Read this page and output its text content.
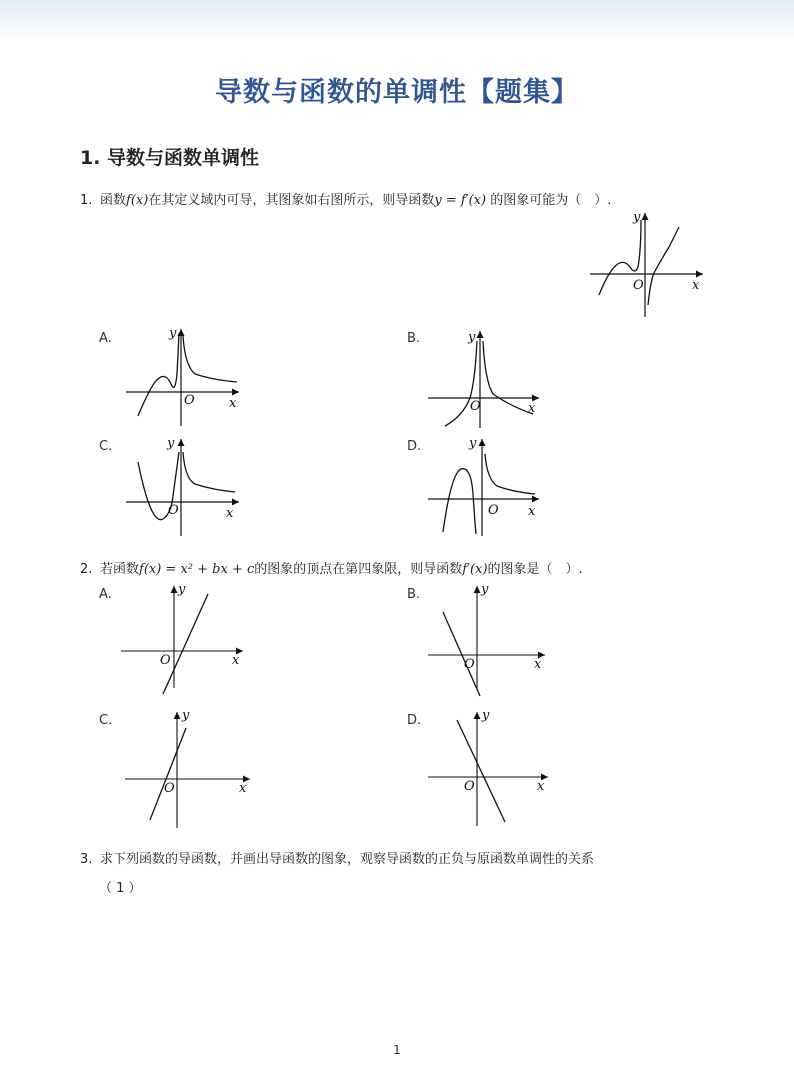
导数与函数的单调性【题集】
1. 导数与函数单调性
1. 函数f(x)在其定义域内可导，其图象如右图所示，则导函数y = f′(x) 的图象可能为（　）.
O	x
y
A.
O	x
y	B.
O	x
y
C.
O	x
y	D.
O x
y
2. 若函数f(x) = x² + bx + c的图象的顶点在第四象限，则导函数f′(x)的图象是（　）.
A.
O	x
y	B.
O	x
y
C.
O	x
y	D.
O	x
y
3. 求下列函数的导函数，并画出导函数的图象，观察导函数的正负与原函数单调性的关系
（ 1 ）
1
